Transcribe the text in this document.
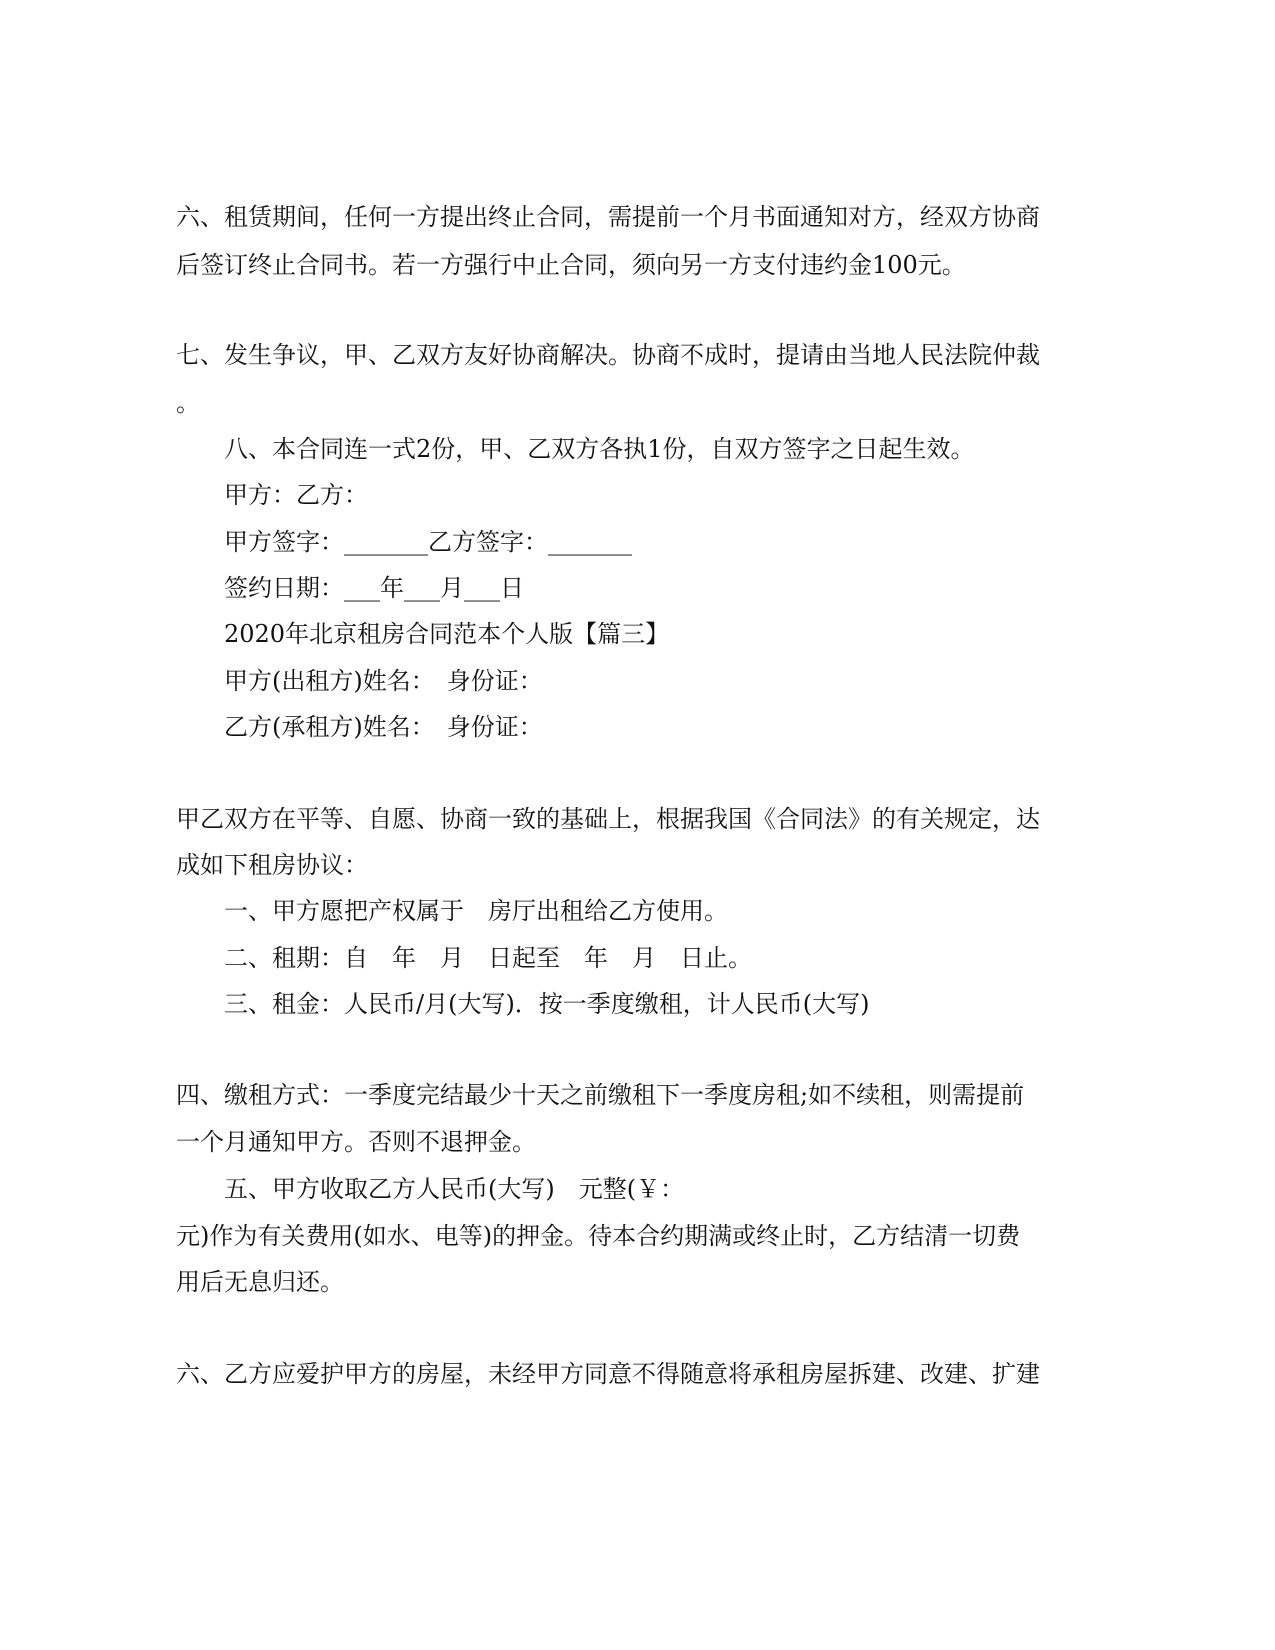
六、租赁期间，任何一方提出终止合同，需提前一个月书面通知对方，经双方协商
后签订终止合同书。若一方强行中止合同，须向另一方支付违约金100元。
七、发生争议，甲、乙双方友好协商解决。协商不成时，提请由当地人民法院仲裁
。
八、本合同连一式2份，甲、乙双方各执1份，自双方签字之日起生效。
甲方：乙方：
甲方签字：_______乙方签字：_______
签约日期：___年___月___日
2020年北京租房合同范本个人版【篇三】
甲方(出租方)姓名：　身份证：
乙方(承租方)姓名：　身份证：
甲乙双方在平等、自愿、协商一致的基础上，根据我国《合同法》的有关规定，达
成如下租房协议：
一、甲方愿把产权属于　房厅出租给乙方使用。
二、租期：自　年　月　日起至　年　月　日止。
三、租金：人民币/月(大写)．按一季度缴租，计人民币(大写)
四、缴租方式：一季度完结最少十天之前缴租下一季度房租;如不续租，则需提前
一个月通知甲方。否则不退押金。
五、甲方收取乙方人民币(大写)　元整(￥：
元)作为有关费用(如水、电等)的押金。待本合约期满或终止时，乙方结清一切费
用后无息归还。
六、乙方应爱护甲方的房屋，未经甲方同意不得随意将承租房屋拆建、改建、扩建
